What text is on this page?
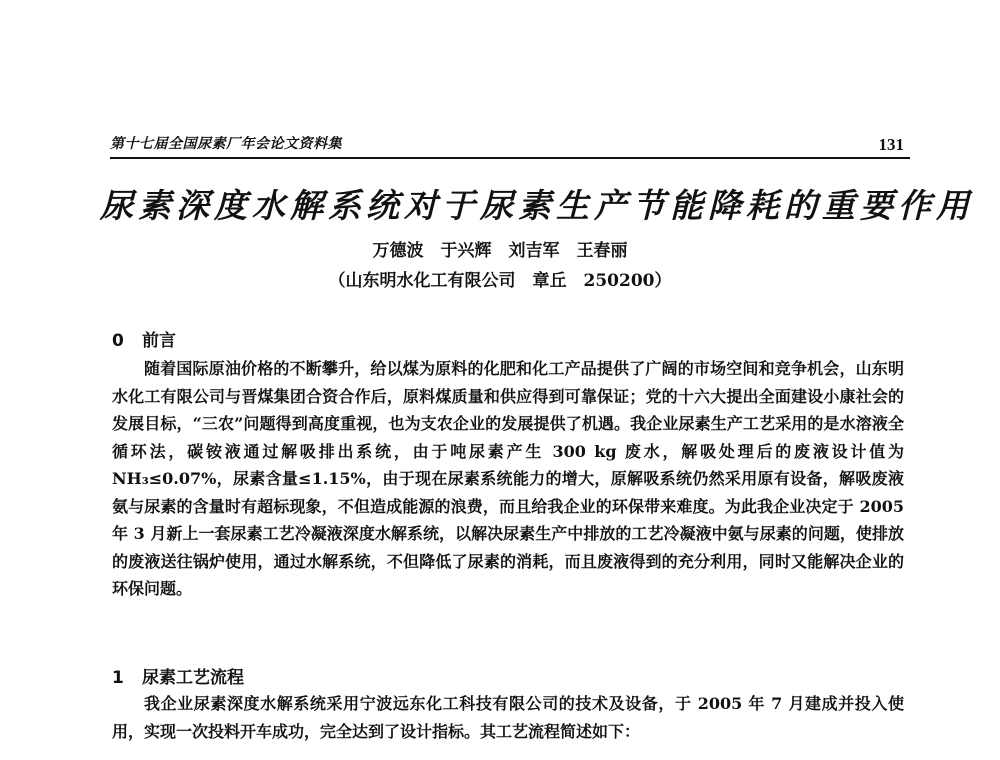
第十七届全国尿素厂年会论文资料集	131
尿素深度水解系统对于尿素生产节能降耗的重要作用
万德波　于兴辉　刘吉军　王春丽
（山东明水化工有限公司　章丘　250200）
0 前言

随着国际原油价格的不断攀升，给以煤为原料的化肥和化工产品提供了广阔的市场空间和竞争机会，山东明水化工有限公司与晋煤集团合资合作后，原料煤质量和供应得到可靠保证；党的十六大提出全面建设小康社会的发展目标，“三农”问题得到高度重视，也为支农企业的发展提供了机遇。我企业尿素生产工艺采用的是水溶液全循环法，碳铵液通过解吸排出系统，由于吨尿素产生 300 kg 废水，解吸处理后的废液设计值为 NH₃≤0.07%，尿素含量≤1.15%，由于现在尿素系统能力的增大，原解吸系统仍然采用原有设备，解吸废液氨与尿素的含量时有超标现象，不但造成能源的浪费，而且给我企业的环保带来难度。为此我企业决定于 2005 年 3 月新上一套尿素工艺冷凝液深度水解系统，以解决尿素生产中排放的工艺冷凝液中氨与尿素的问题，使排放的废液送往锅炉使用，通过水解系统，不但降低了尿素的消耗，而且废液得到的充分利用，同时又能解决企业的环保问题。

1 尿素工艺流程

我企业尿素深度水解系统采用宁波远东化工科技有限公司的技术及设备，于 2005 年 7 月建成并投入使用，实现一次投料开车成功，完全达到了设计指标。其工艺流程简述如下：
